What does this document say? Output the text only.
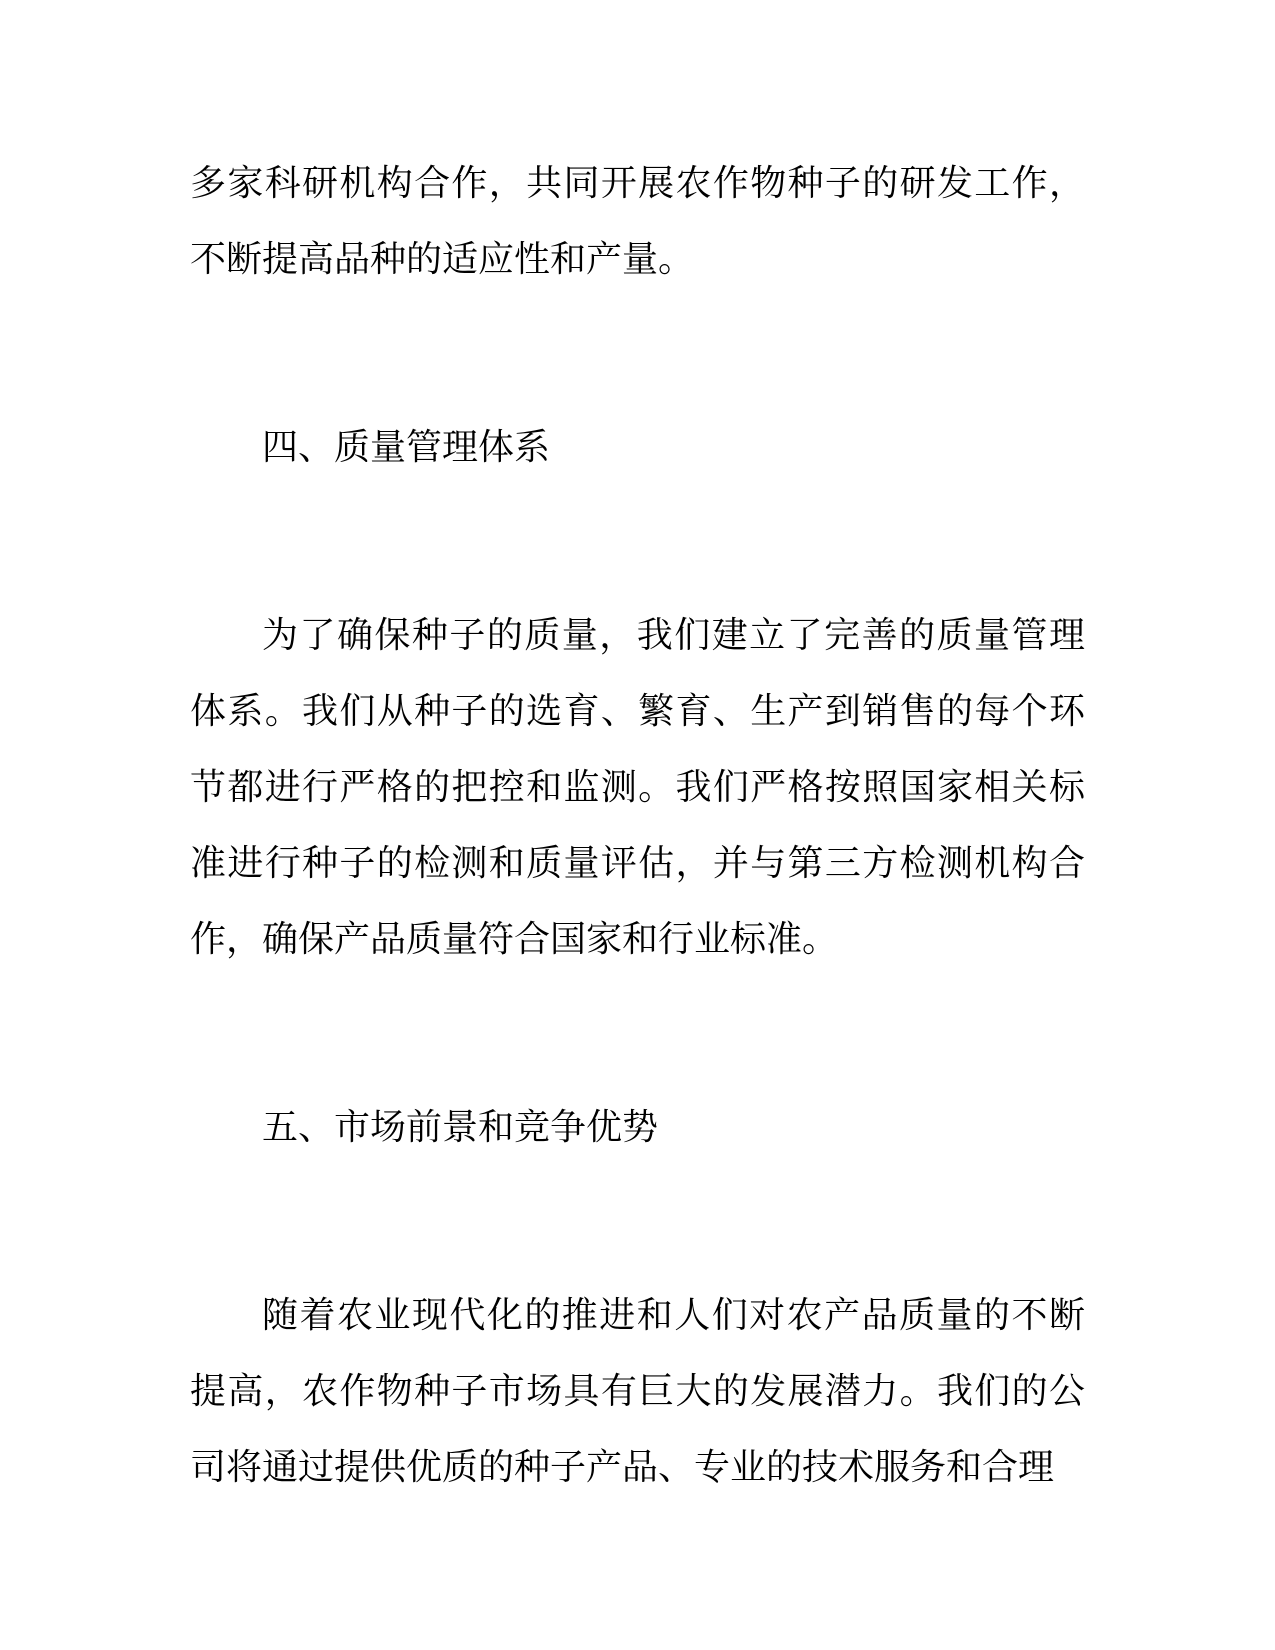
多家科研机构合作，共同开展农作物种子的研发工作，不断提高品种的适应性和产量。
四、质量管理体系
为了确保种子的质量，我们建立了完善的质量管理体系。我们从种子的选育、繁育、生产到销售的每个环节都进行严格的把控和监测。我们严格按照国家相关标准进行种子的检测和质量评估，并与第三方检测机构合作，确保产品质量符合国家和行业标准。
五、市场前景和竞争优势
随着农业现代化的推进和人们对农产品质量的不断提高，农作物种子市场具有巨大的发展潜力。我们的公司将通过提供优质的种子产品、专业的技术服务和合理
